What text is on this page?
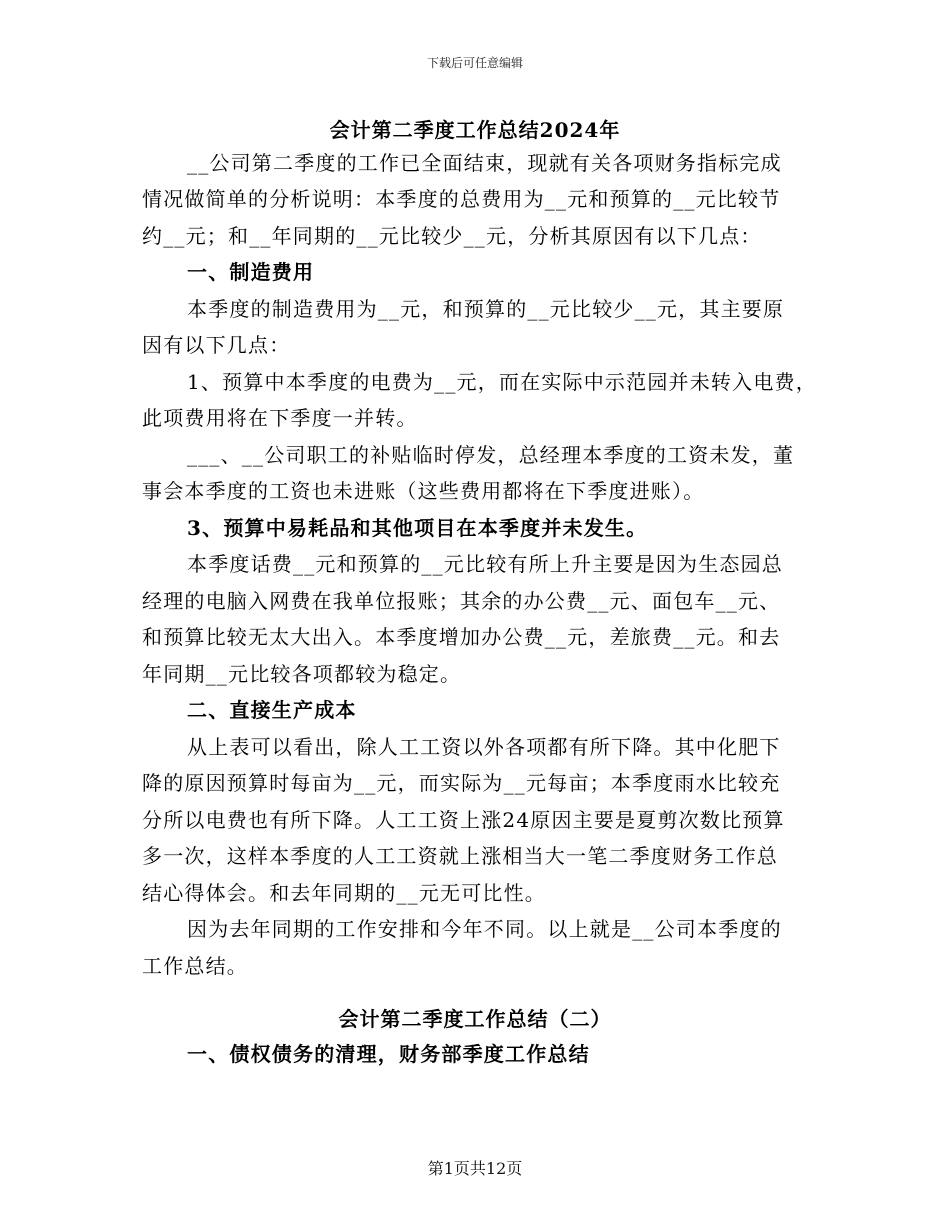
下载后可任意编辑
会计第二季度工作总结2024年
__公司第二季度的工作已全面结束，现就有关各项财务指标完成
情况做简单的分析说明：本季度的总费用为__元和预算的__元比较节
约__元；和__年同期的__元比较少__元，分析其原因有以下几点：
一、制造费用
本季度的制造费用为__元，和预算的__元比较少__元，其主要原
因有以下几点：
1、预算中本季度的电费为__元，而在实际中示范园并未转入电费，
此项费用将在下季度一并转。
___、__公司职工的补贴临时停发，总经理本季度的工资未发，董
事会本季度的工资也未进账（这些费用都将在下季度进账）。
3、预算中易耗品和其他项目在本季度并未发生。
本季度话费__元和预算的__元比较有所上升主要是因为生态园总
经理的电脑入网费在我单位报账；其余的办公费__元、面包车__元、
和预算比较无太大出入。本季度增加办公费__元，差旅费__元。和去
年同期__元比较各项都较为稳定。
二、直接生产成本
从上表可以看出，除人工工资以外各项都有所下降。其中化肥下
降的原因预算时每亩为__元，而实际为__元每亩；本季度雨水比较充
分所以电费也有所下降。人工工资上涨24原因主要是夏剪次数比预算
多一次，这样本季度的人工工资就上涨相当大一笔二季度财务工作总
结心得体会。和去年同期的__元无可比性。
因为去年同期的工作安排和今年不同。以上就是__公司本季度的
工作总结。
会计第二季度工作总结（二）
一、债权债务的清理，财务部季度工作总结
第1页共12页
